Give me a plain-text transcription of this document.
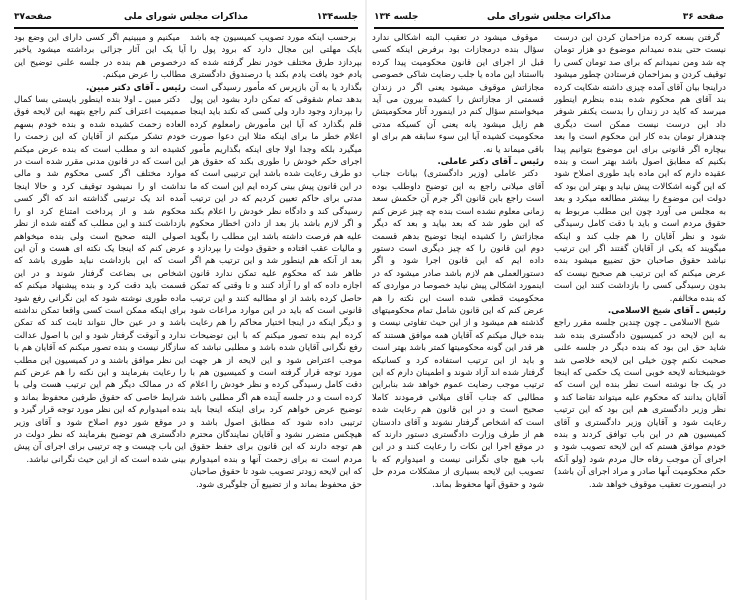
جلسه۱۳۴
مذاکرات مجلس شورای ملی
صفحه۳۷

برحسب اینکه مورد تصویب کمیسیون چه باشد بایک مهلتی این مجال دارد که برود پول را بپردازد طرق مختلف خودر نظر گرفته شده که یادم خود یافت یادم بکند یا درصندوق دادگستری بگذارد یا به آن بازپرس که مأمور رسیدگی است بدهد تمام شقوقی که تمکن دارد بشود این پول را بپردازد وجود دارد ولی کسی که نکند باید اینجا قلم بگذارد که آیا این مأمورش رامعلوم کرده اعلام خطر ما برای اینکه مثلا این دعوا صورت میگیرد بلکه وجدا اولا جای اینکه بگذاریم مأمور اجرای حکم خودش را طوری بکند که حقوق هر دو طرف رعایت شده باشد این ترتیبی است که در این قانون پیش بینی کرده ایم این است که ما مدتی برای حاکم تعیین کردیم که در این ترتیب رسیدگی کند و دادگاه نظر خودش را اعلام بکند و اگر لازم باشد باز بعد از دادن اخطار محکوم علیه هم فرصت داشته باشد این مطلب را بگوید و مالیات عقب افتاده و حقوق دولت را بپردازد و بعد از آنکه هم اینطور شد و این ترتیب هم اگر ظاهر شد که محکوم علیه تمکن ندارد قانون اجازه داده که او را آزاد کنند و تا وقتی که تمکن حاصل کرده باشد از او مطالبه کنند و این ترتیب قانونی است که باید در این موارد مراعات شود و دیگر اینکه در اینجا اختیار محاکم را هم رعایت کرده ایم بنده تصور میکنم که با این توضیحات رفع نگرانی آقایان شده باشد و مطلبی نباشد که موجب اعتراض شود و این لایحه از هر جهت مورد توجه قرار گرفته است و کمیسیون هم با دقت کامل رسیدگی کرده و نظر خودش را اعلام کرده است و در جلسه آینده هم اگر مطلبی باشد توضیح عرض خواهم کرد برای اینکه اینجا باید ترتیبی داده شود که مطابق اصول باشد و هیچکس متضرر نشود و آقایان نمایندگان محترم هم توجه دارند که این قانون برای حفظ حقوق مردم است نه برای زحمت آنها و بنده امیدوارم که این لایحه زودتر تصویب شود تا حقوق صاحبان حق محفوظ بماند و از تضییع آن جلوگیری شود.

میکنیم و میبینیم اگر کسی دارای این وضع بود آیا یک این آثار جزائی برداشته میشود یاخیر درخصوص هم بنده در جلسه علنی توضیح این مطالب را عرض میکنم.

رئیس ـ آقای دکتر مبین.

دکتر مبین ـ اولا بنده اینطور بایستی بسا کمال صمیمیت اعتراف کنم راجع بتهیه این لایحه فوق العاده زحمت کشیده شده و بنده خودم بسهم خودم تشکر میکنم از آقایان که این زحمت را کشیده اند و مطلب است که بنده عرض میکنم این است که در قانون مدنی مقرر شده است در موارد مختلف اگر کسی محکوم شد و مالی نداشت او را نمیشود توقیف کرد و حالا اینجا آمده اند یک ترتیبی گذاشته اند که اگر کسی محکوم شد و از پرداخت امتناع کرد او را بازداشت کنند و این مطلب که گفته شده از نظر اصولی البته صحیح است ولی بنده میخواهم عرض کنم که اینجا یک نکته ای هست و آن این است که این بازداشت نباید طوری باشد که اشخاص بی بضاعت گرفتار شوند و در این قسمت باید دقت کرد و بنده پیشنهاد میکنم که ماده طوری نوشته شود که این نگرانی رفع شود برای اینکه ممکن است کسی واقعا تمکن نداشته باشد و در عین حال نتواند ثابت کند که تمکن ندارد و آنوقت گرفتار شود و این با اصول عدالت سازگار نیست و بنده تصور میکنم که آقایان هم با این نظر موافق باشند و در کمیسیون این مطلب را رعایت بفرمایند و این نکته را هم عرض کنم که در ممالک دیگر هم این ترتیب هست ولی با شرایط خاصی که حقوق طرفین محفوظ بماند و بنده امیدوارم که این نظر مورد توجه قرار گیرد و در موقع شور دوم اصلاح شود و آقای وزیر دادگستری هم توضیح بفرمایند که نظر دولت در این باب چیست و چه ترتیبی برای اجرای آن پیش بینی شده است که از این حیث نگرانی نباشد.

صفحه ۳۶
مذاکرات مجلس شورای ملی
جلسه ۱۳۴

گرفتن بسعه کرده مزاحمان کردن این درست نیست حتی بنده نمیدانم موضوع دو هزار تومان چه شد ومن نمیدانم که برای صد تومان کسی را توقیف کردن و بمزاحمان فرستادن چطور میشود دراینجا بیان آقای آمده چیزی داشته شکایت کرده بند آقای هم محکوم شده بنده بنظرم اینطور میرسد که کاید در زندان را بدست یکنفر شوفر داد این درست نیست ممکن است دیگری چندهزار تومان بده کار این محکوم است وا بعد بیچاره اگر قانونی برای این موضوع بتوانیم پیدا بکنیم که مطابق اصول باشد بهتر است و بنده عقیده دارم که این ماده باید طوری اصلاح شود که این گونه اشکالات پیش نیاید و بهتر این بود که دولت این موضوع را بیشتر مطالعه میکرد و بعد به مجلس می آورد چون این مطلب مربوط به حقوق مردم است و باید با دقت کامل رسیدگی شود و نظر آقایان را هم جلب کند و اینکه میگویند که یکی از آقایان گفتند اگر این ترتیب نباشد حقوق صاحبان حق تضییع میشود بنده عرض میکنم که این ترتیب هم صحیح نیست که بدون رسیدگی کسی را بازداشت کنند این است که بنده مخالفم.

رئیس ـ آقای شیخ الاسلامی.

شیخ الاسلامی ـ چون چندین جلسه مقرر راجع به این لایحه در کمیسیون دادگستری بنده شد شاید حق این بود که بنده دیگر در جلسه علنی صحبت نکنم چون خیلی این لایحه خلاصی شد خوشبختانه لایحه خوبی است یک حکمی که اینجا در یک جا نوشته است نظر بنده این است که آقایان بدانند که محکوم علیه میتواند تقاضا کند و نظر وزیر دادگستری هم این بود که این ترتیب رعایت شود و آقایان وزیر دادگستری و آقای کمیسیون هم در این باب توافق کردند و بنده خودم موافق هستم که این لایحه تصویب شود و اجرای آن موجب رفاه حال مردم شود (ولو آنکه حکم محکومیت آنها صادر و مراد اجرای آن باشد) در اینصورت تعقیب موقوف خواهد شد.

موقوف میشود در تعقیب البته اشکالی ندارد سؤال بنده درمجازات بود برفرض اینکه کسی قبل از اجرای این قانون محکومیت پیدا کرده بااستناد این ماده یا جلب رضایت شاکی خصوصی مجازاتش موقوف میشود یعنی اگر در زندان قسمتی از مجازاتش را کشیده بیرون می آید میخواستم سؤال کنم در اینمورد آثار محکومیتش هم زایل میشود یانه یعنی آن کسیکه مدتی محکومیت کشیده آیا این سوء سابقه هم برای او باقی میماند یا نه.

رئیس ـ آقای دکتر عاملی.

دکتر عاملی (وزیر دادگستری) بیانات جناب آقای میلانی راجع به این توضیح داوطلب بوده است راجع باین قانون اگر جرم آن حکمش سعد زمانی معلوم نشده است بنده چه چیز عرض کنم که این طور شد که بعد بیاید و بعد که دیگر مجازاتش را کشیده اینجا توضیح بدهم قسمت دوم این قانون را که چیز دیگری است دستور داده ایم که این قانون اجرا شود و اگر دستورالعملی هم لازم باشد صادر میشود که در اینمورد اشکالی پیش نیاید خصوصا در مواردی که محکومیت قطعی شده است این نکته را هم عرض کنم که این قانون شامل تمام محکومیتهای گذشته هم میشود و از این حیث تفاوتی نیست و بنده خیال میکنم که آقایان همه موافق هستند که هر قدر این گونه محکومیتها کمتر باشد بهتر است و باید از این ترتیب استفاده کرد و کسانیکه گرفتار شده اند آزاد شوند و اطمینان دارم که این ترتیب موجب رضایت عموم خواهد شد بنابراین مطالبی که جناب آقای میلانی فرمودند کاملا صحیح است و در این قانون هم رعایت شده است که اشخاص گرفتار نشوند و آقای دادستان هم از طرف وزارت دادگستری دستور دارند که در موقع اجرا این نکات را رعایت کنند و در این باب هیچ جای نگرانی نیست و امیدوارم که با تصویب این لایحه بسیاری از مشکلات مردم حل شود و حقوق آنها محفوظ بماند.
